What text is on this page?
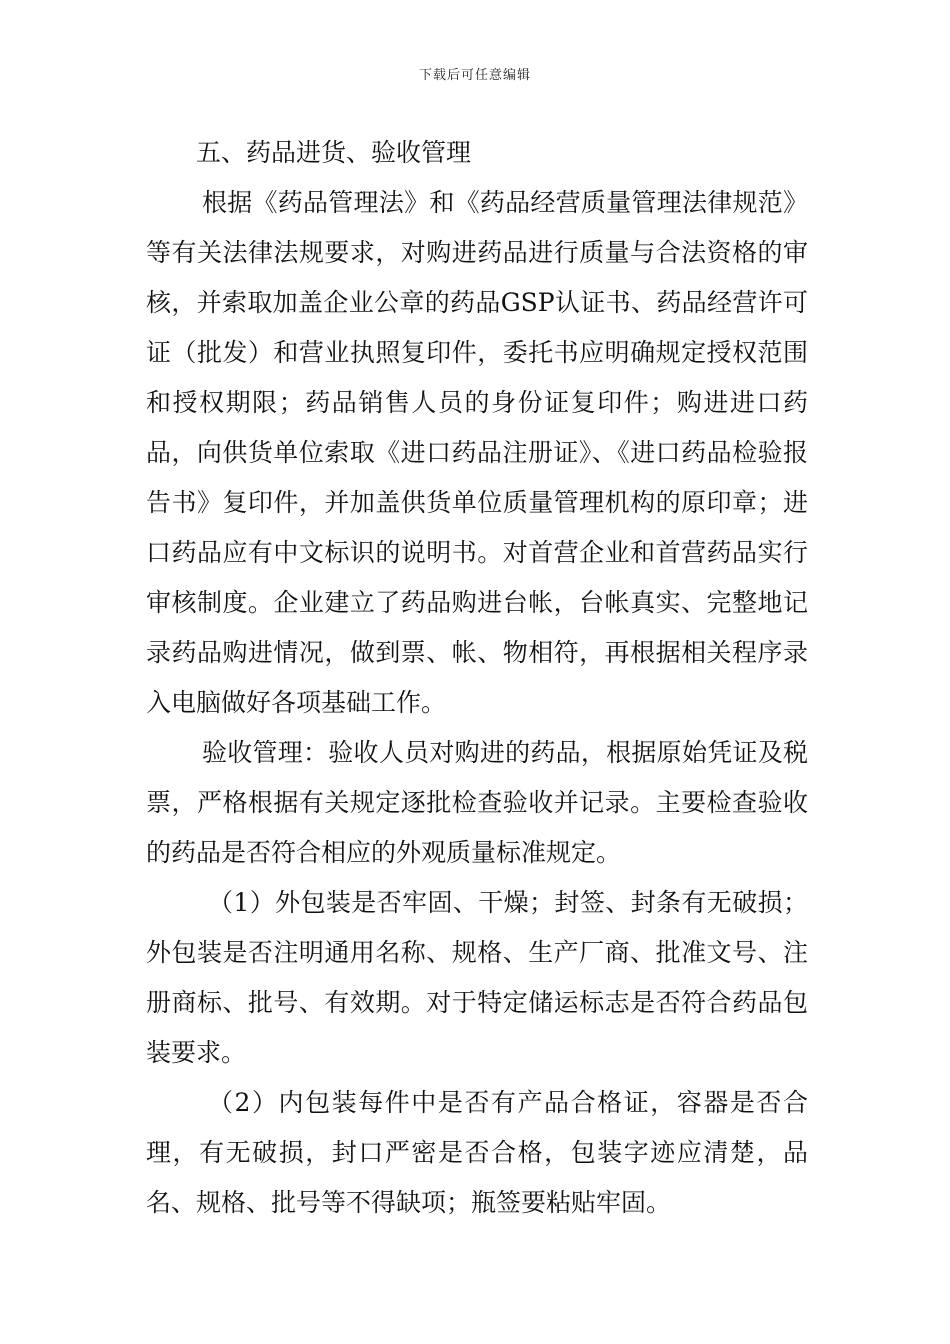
下载后可任意编辑
五、药品进货、验收管理

根据《药品管理法》和《药品经营质量管理法律规范》等有关法律法规要求，对购进药品进行质量与合法资格的审核，并索取加盖企业公章的药品GSP认证书、药品经营许可证（批发）和营业执照复印件，委托书应明确规定授权范围和授权期限；药品销售人员的身份证复印件；购进进口药品，向供货单位索取《进口药品注册证》、《进口药品检验报告书》复印件，并加盖供货单位质量管理机构的原印章；进口药品应有中文标识的说明书。对首营企业和首营药品实行审核制度。企业建立了药品购进台帐，台帐真实、完整地记录药品购进情况，做到票、帐、物相符，再根据相关程序录入电脑做好各项基础工作。

验收管理：验收人员对购进的药品，根据原始凭证及税票，严格根据有关规定逐批检查验收并记录。主要检查验收的药品是否符合相应的外观质量标准规定。

（1）外包装是否牢固、干燥；封签、封条有无破损；外包装是否注明通用名称、规格、生产厂商、批准文号、注册商标、批号、有效期。对于特定储运标志是否符合药品包装要求。

（2）内包装每件中是否有产品合格证，容器是否合理，有无破损，封口严密是否合格，包装字迹应清楚，品名、规格、批号等不得缺项；瓶签要粘贴牢固。
